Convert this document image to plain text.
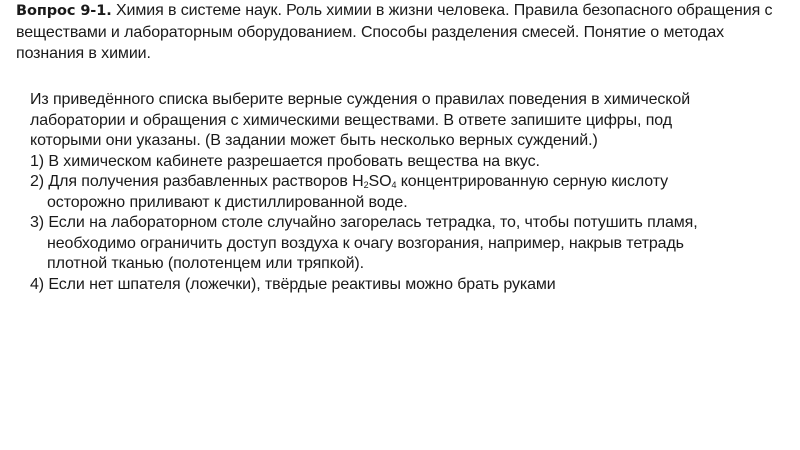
Вопрос 9-1. Химия в системе наук. Роль химии в жизни человека. Правила безопасного обращения с веществами и лабораторным оборудованием. Способы разделения смесей. Понятие о методах познания в химии.

Из приведённого списка выберите верные суждения о правилах поведения в химической лаборатории и обращения с химическими веществами. В ответе запишите цифры, под которыми они указаны. (В задании может быть несколько верных суждений.)

1) В химическом кабинете разрешается пробовать вещества на вкус.

2) Для получения разбавленных растворов $H_2SO_4$ концентрированную серную кислоту

осторожно приливают к дистиллированной воде.

3) Если на лабораторном столе случайно загорелась тетрадка, то, чтобы потушить пламя,

необходимо ограничить доступ воздуха к очагу возгорания, например, накрыв тетрадь

плотной тканью (полотенцем или тряпкой).

4) Если нет шпателя (ложечки), твёрдые реактивы можно брать руками
